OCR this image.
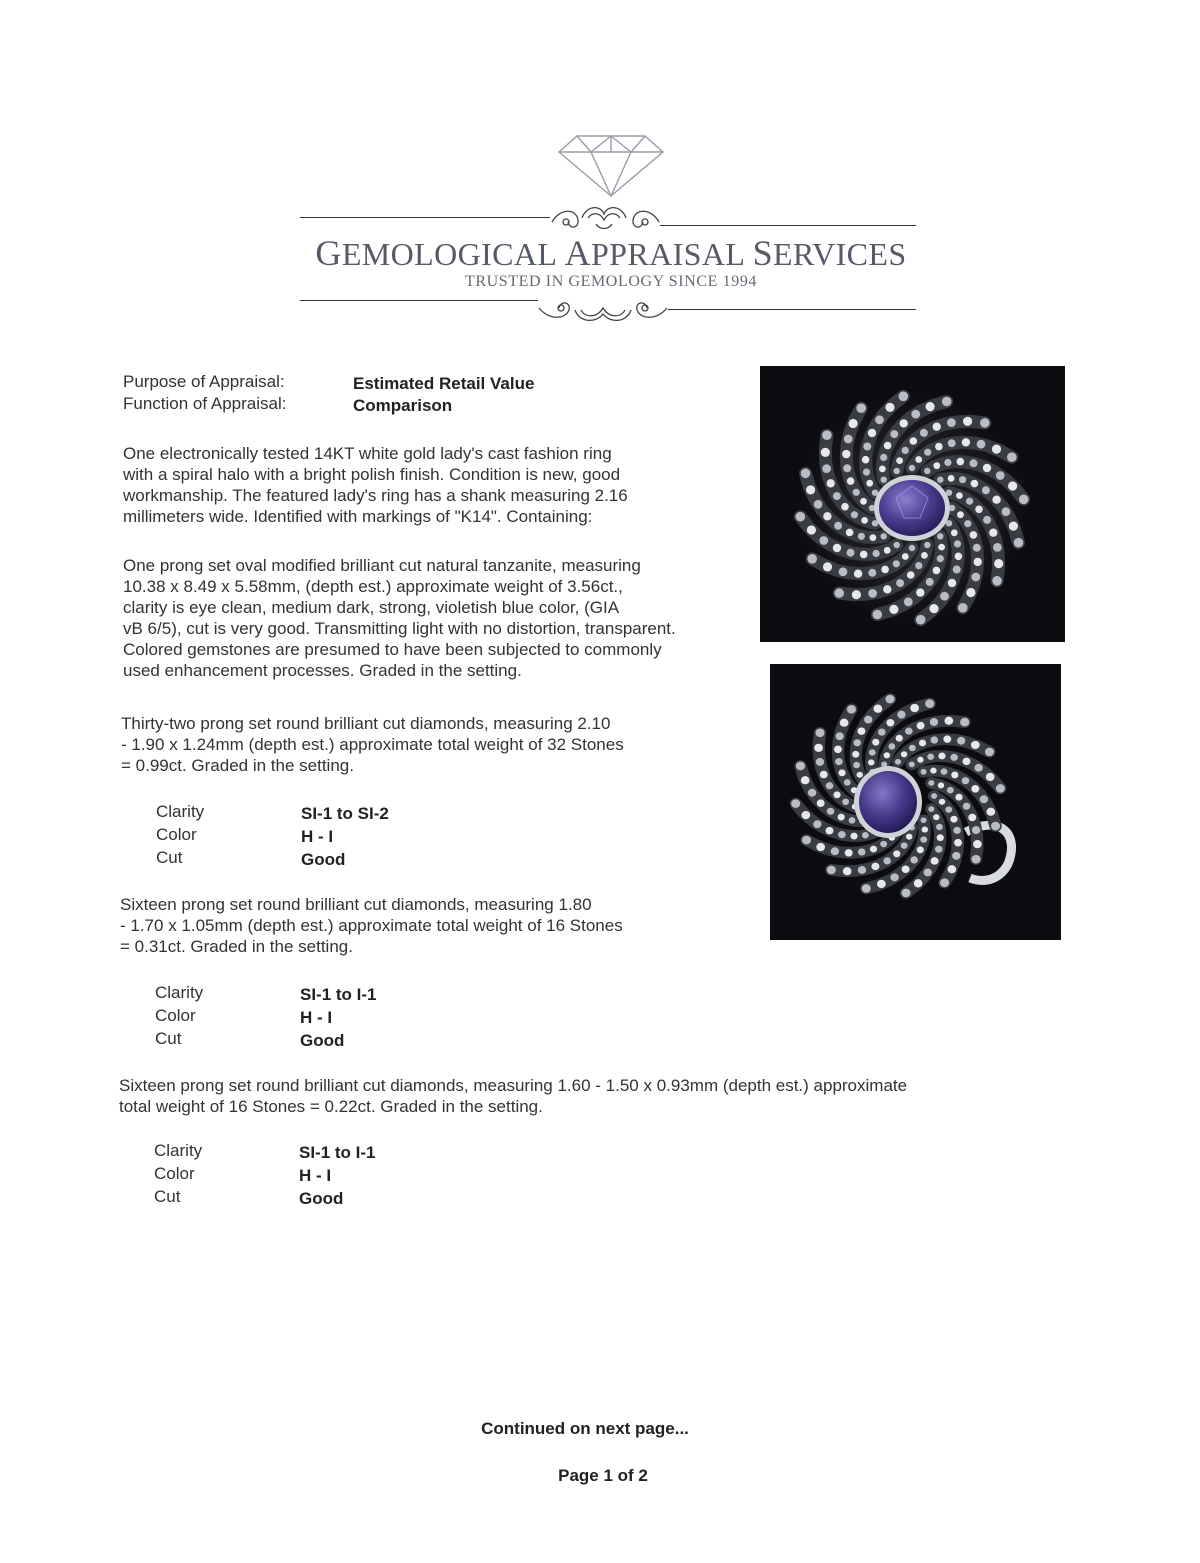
GEMOLOGICAL APPRAISAL SERVICES
TRUSTED IN GEMOLOGY SINCE 1994
Purpose of Appraisal:	Estimated Retail Value
Function of Appraisal:	Comparison
One electronically tested 14KT white gold lady's cast fashion ring
with a spiral halo with a bright polish finish. Condition is new, good
workmanship. The featured lady's ring has a shank measuring 2.16
millimeters wide. Identified with markings of "K14". Containing:
One prong set oval modified brilliant cut natural tanzanite, measuring
10.38 x 8.49 x 5.58mm, (depth est.) approximate weight of 3.56ct.,
clarity is eye clean, medium dark, strong, violetish blue color, (GIA
vB 6/5), cut is very good. Transmitting light with no distortion, transparent.
Colored gemstones are presumed to have been subjected to commonly
used enhancement processes. Graded in the setting.
Thirty-two prong set round brilliant cut diamonds, measuring 2.10
- 1.90 x 1.24mm (depth est.) approximate total weight of 32 Stones
= 0.99ct. Graded in the setting.
Clarity
Color
Cut
SI-1 to SI-2
H - I
Good
Sixteen prong set round brilliant cut diamonds, measuring 1.80
- 1.70 x 1.05mm (depth est.) approximate total weight of 16 Stones
= 0.31ct. Graded in the setting.
Clarity
Color
Cut
SI-1 to I-1
H - I
Good
Sixteen prong set round brilliant cut diamonds, measuring 1.60 - 1.50 x 0.93mm (depth est.) approximate
total weight of 16 Stones = 0.22ct. Graded in the setting.
Clarity
Color
Cut
SI-1 to I-1
H - I
Good
Continued on next page...
Page 1 of 2
